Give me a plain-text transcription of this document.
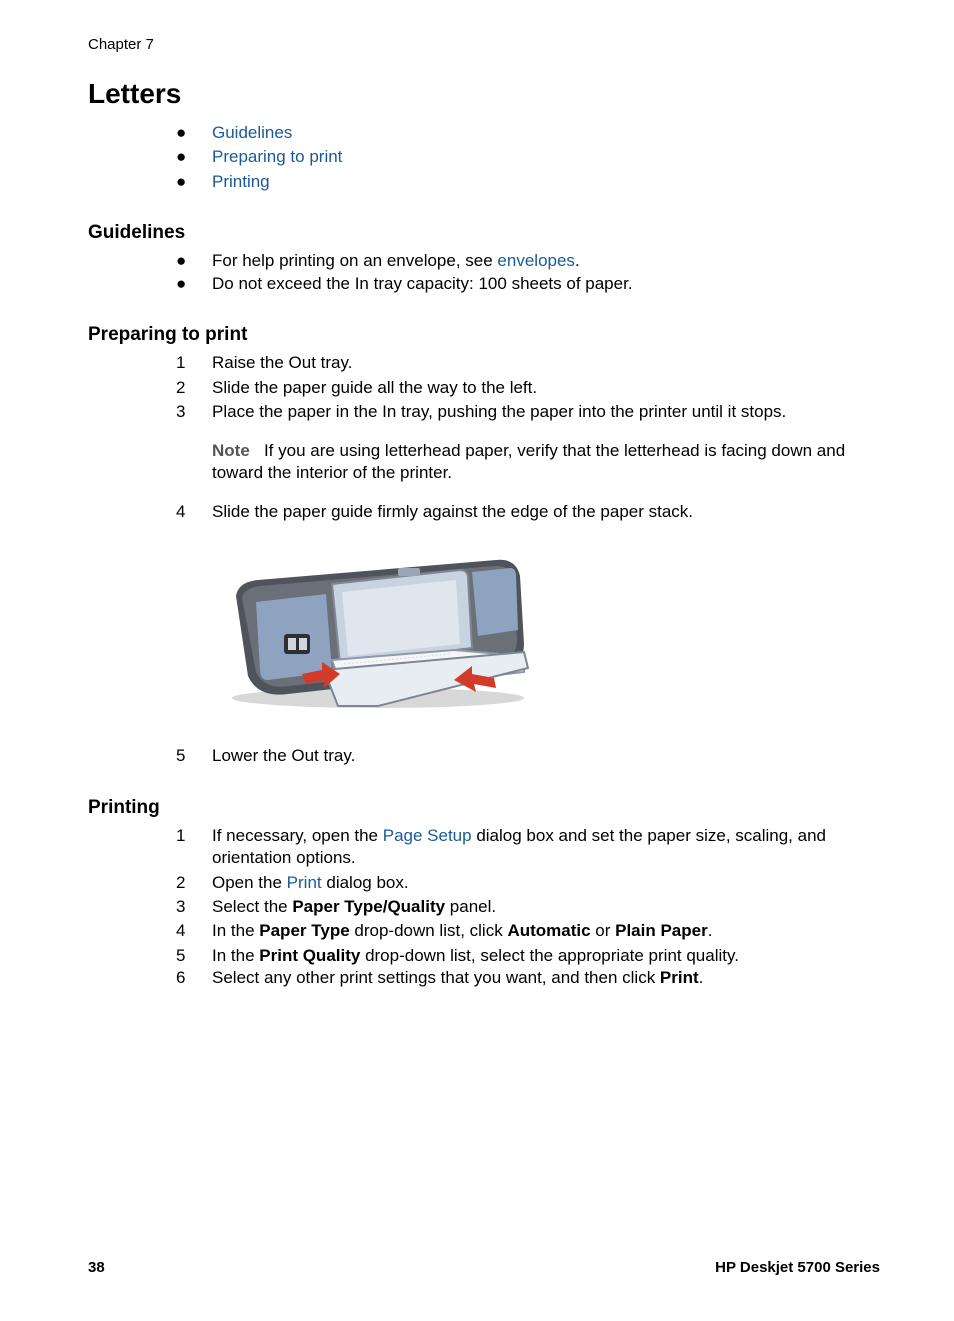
Chapter 7
Letters
● Guidelines
● Preparing to print
● Printing
Guidelines
● For help printing on an envelope, see envelopes.
● Do not exceed the In tray capacity: 100 sheets of paper.
Preparing to print
1 Raise the Out tray.
2 Slide the paper guide all the way to the left.
3 Place the paper in the In tray, pushing the paper into the printer until it stops.
Note If you are using letterhead paper, verify that the letterhead is facing down and toward the interior of the printer.
4 Slide the paper guide firmly against the edge of the paper stack.
5 Lower the Out tray.
Printing
1 If necessary, open the Page Setup dialog box and set the paper size, scaling, and orientation options.
2 Open the Print dialog box.
3 Select the Paper Type/Quality panel.
4 In the Paper Type drop-down list, click Automatic or Plain Paper.
5 In the Print Quality drop-down list, select the appropriate print quality.
6 Select any other print settings that you want, and then click Print.
38	HP Deskjet 5700 Series
